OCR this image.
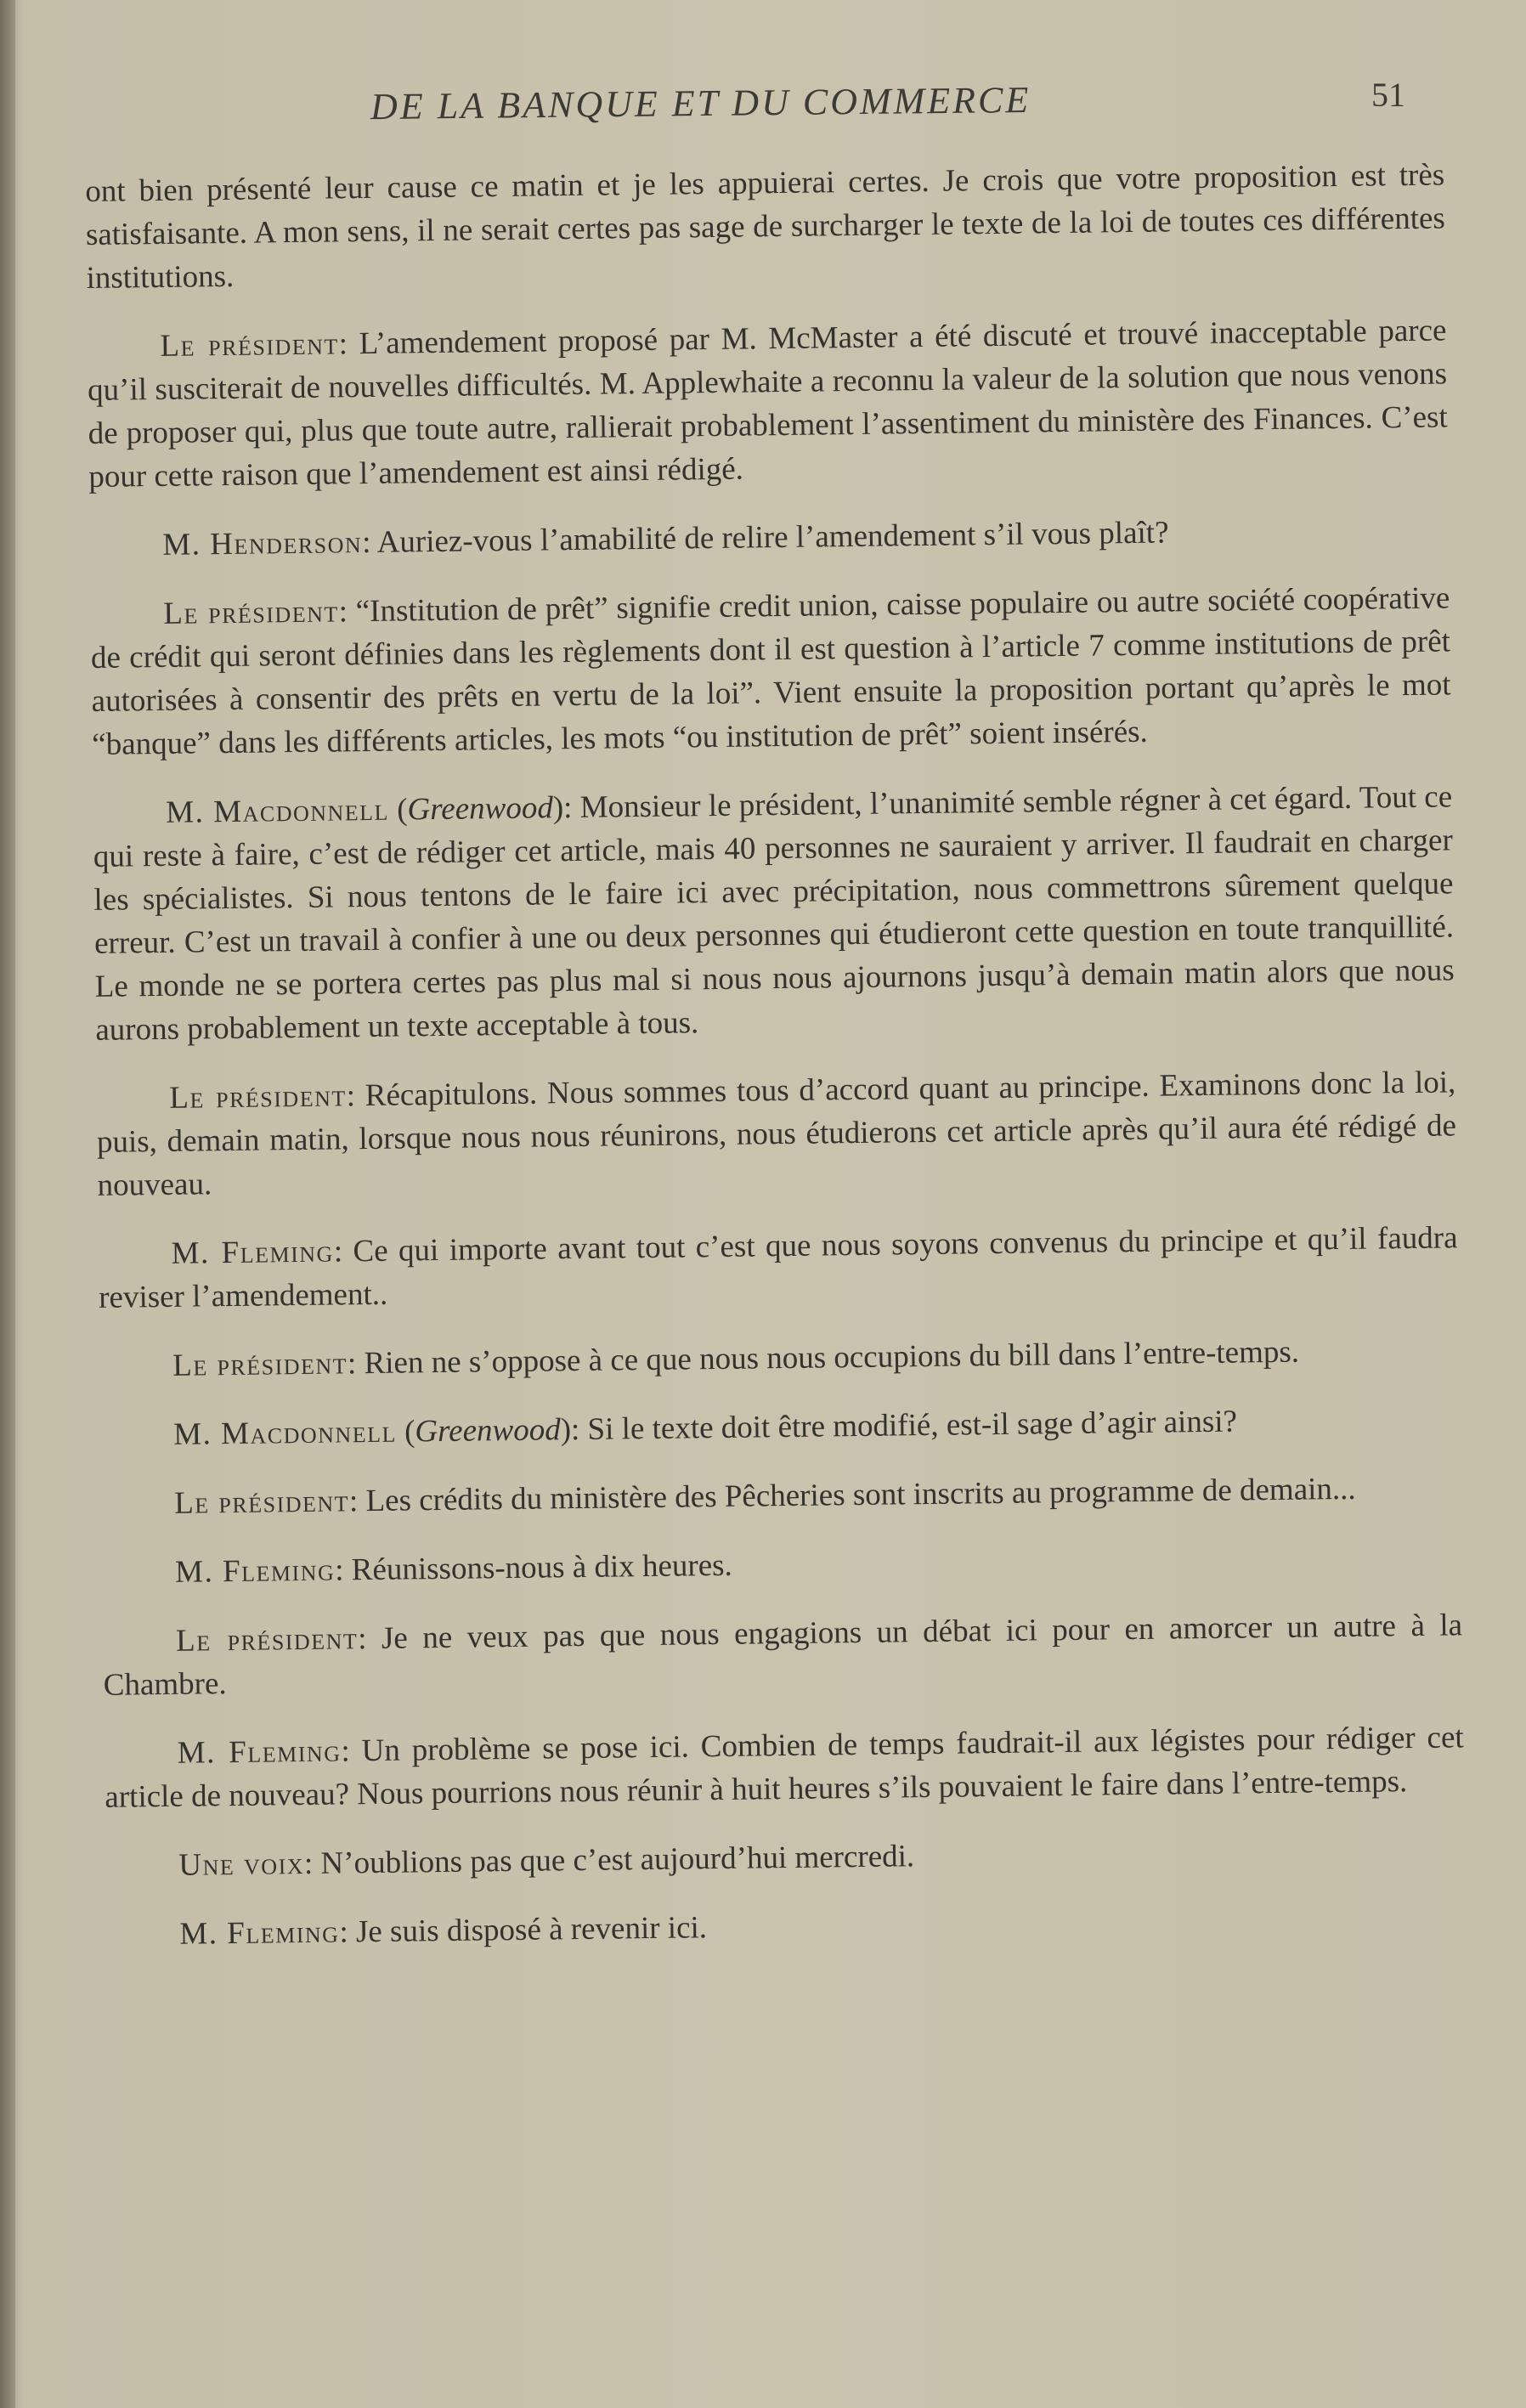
DE LA BANQUE ET DU COMMERCE	51

ont bien présenté leur cause ce matin et je les appuierai certes. Je crois que votre proposition est très satisfaisante. A mon sens, il ne serait certes pas sage de surcharger le texte de la loi de toutes ces différentes institutions.

Le président: L’amendement proposé par M. McMaster a été discuté et trouvé inacceptable parce qu’il susciterait de nouvelles difficultés. M. Applewhaite a reconnu la valeur de la solution que nous venons de proposer qui, plus que toute autre, rallierait probablement l’assentiment du ministère des Finances. C’est pour cette raison que l’amendement est ainsi rédigé.

M. Henderson: Auriez-vous l’amabilité de relire l’amendement s’il vous plaît?

Le président: “Institution de prêt” signifie credit union, caisse populaire ou autre société coopérative de crédit qui seront définies dans les règlements dont il est question à l’article 7 comme institutions de prêt autorisées à consentir des prêts en vertu de la loi”. Vient ensuite la proposition portant qu’après le mot “banque” dans les différents articles, les mots “ou institution de prêt” soient insérés.

M. Macdonnell (Greenwood): Monsieur le président, l’unanimité semble régner à cet égard. Tout ce qui reste à faire, c’est de rédiger cet article, mais 40 personnes ne sauraient y arriver. Il faudrait en charger les spécialistes. Si nous tentons de le faire ici avec précipitation, nous commettrons sûrement quelque erreur. C’est un travail à confier à une ou deux personnes qui étudieront cette question en toute tranquillité. Le monde ne se portera certes pas plus mal si nous nous ajournons jusqu’à demain matin alors que nous aurons probablement un texte acceptable à tous.

Le président: Récapitulons. Nous sommes tous d’accord quant au principe. Examinons donc la loi, puis, demain matin, lorsque nous nous réunirons, nous étudierons cet article après qu’il aura été rédigé de nouveau.

M. Fleming: Ce qui importe avant tout c’est que nous soyons convenus du principe et qu’il faudra reviser l’amendement..

Le président: Rien ne s’oppose à ce que nous nous occupions du bill dans l’entre-temps.

M. Macdonnell (Greenwood): Si le texte doit être modifié, est-il sage d’agir ainsi?

Le président: Les crédits du ministère des Pêcheries sont inscrits au programme de demain...

M. Fleming: Réunissons-nous à dix heures.

Le président: Je ne veux pas que nous engagions un débat ici pour en amorcer un autre à la Chambre.

M. Fleming: Un problème se pose ici. Combien de temps faudrait-il aux légistes pour rédiger cet article de nouveau? Nous pourrions nous réunir à huit heures s’ils pouvaient le faire dans l’entre-temps.

Une voix: N’oublions pas que c’est aujourd’hui mercredi.

M. Fleming: Je suis disposé à revenir ici.
